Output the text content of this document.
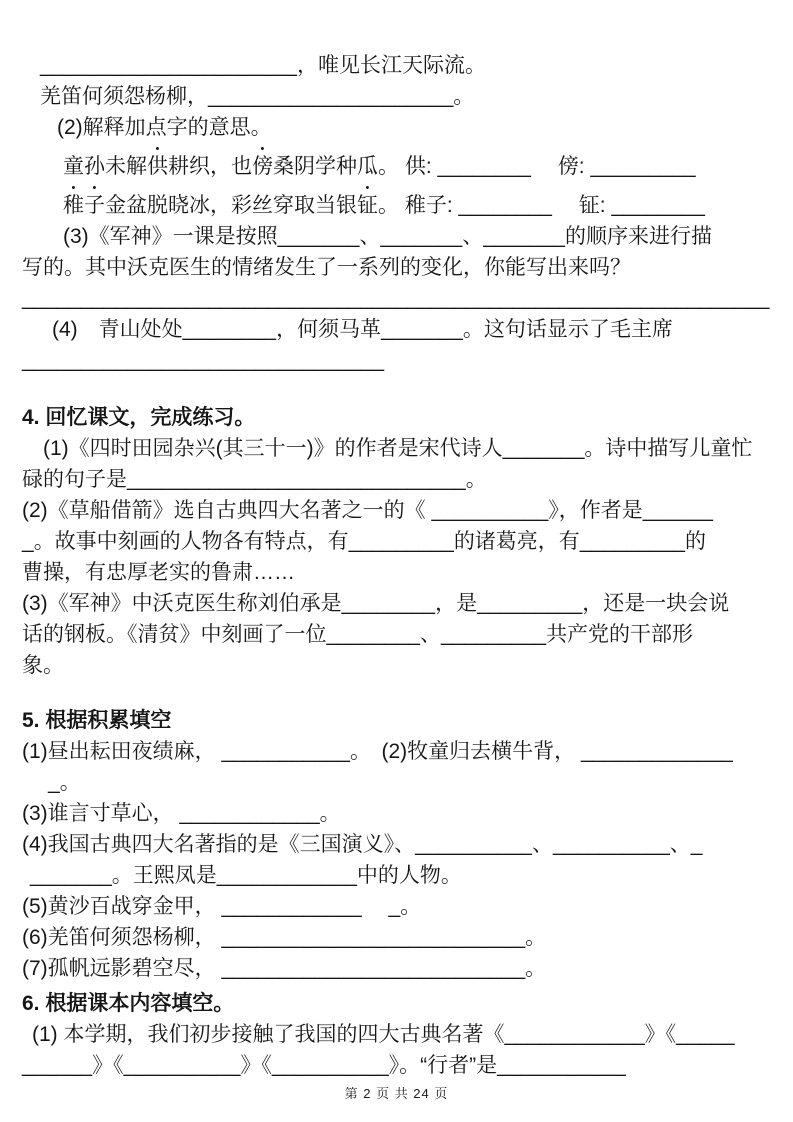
______________________，唯见长江天际流。
羌笛何须怨杨柳，_____________________。
(2)解释加点字的意思。
童孙未解供耕织，也傍桑阴学种瓜。 供: ________　 傍: _________
稚子金盆脱晓冰，彩丝穿取当银钲。 稚子: ________　 钲: ________
(3)《军神》一课是按照_______、_______、_______的顺序来进行描
写的。其中沃克医生的情绪发生了一系列的变化，你能写出来吗？
________________________________________________________________
(4)　青山处处________，何须马革_______。这句话显示了毛主席
_______________________________
4. 回忆课文，完成练习。
(1)《四时田园杂兴(其三十一)》的作者是宋代诗人_______。诗中描写儿童忙
碌的句子是_____________________________。
(2)《草船借箭》选自古典四大名著之一的《 __________》，作者是______
_。故事中刻画的人物各有特点，有_________的诸葛亮，有_________的
曹操，有忠厚老实的鲁肃……
(3)《军神》中沃克医生称刘伯承是________，是_________，还是一块会说
话的钢板。《清贫》中刻画了一位________、_________共产党的干部形
象。
5. 根据积累填空
(1)昼出耘田夜绩麻， ___________。　(2)牧童归去横牛背， _____________
_。
(3)谁言寸草心， ____________。
(4)我国古典四大名著指的是《三国演义》、__________、__________、_
_______。王熙凤是____________中的人物。
(5)黄沙百战穿金甲， ____________　 _。
(6)羌笛何须怨杨柳， __________________________。
(7)孤帆远影碧空尽， __________________________。
6. 根据课本内容填空。
(1) 本学期，我们初步接触了我国的四大古典名著《____________》《_____
______》《__________》《__________》。“行者”是___________
第 2 页 共 24 页
